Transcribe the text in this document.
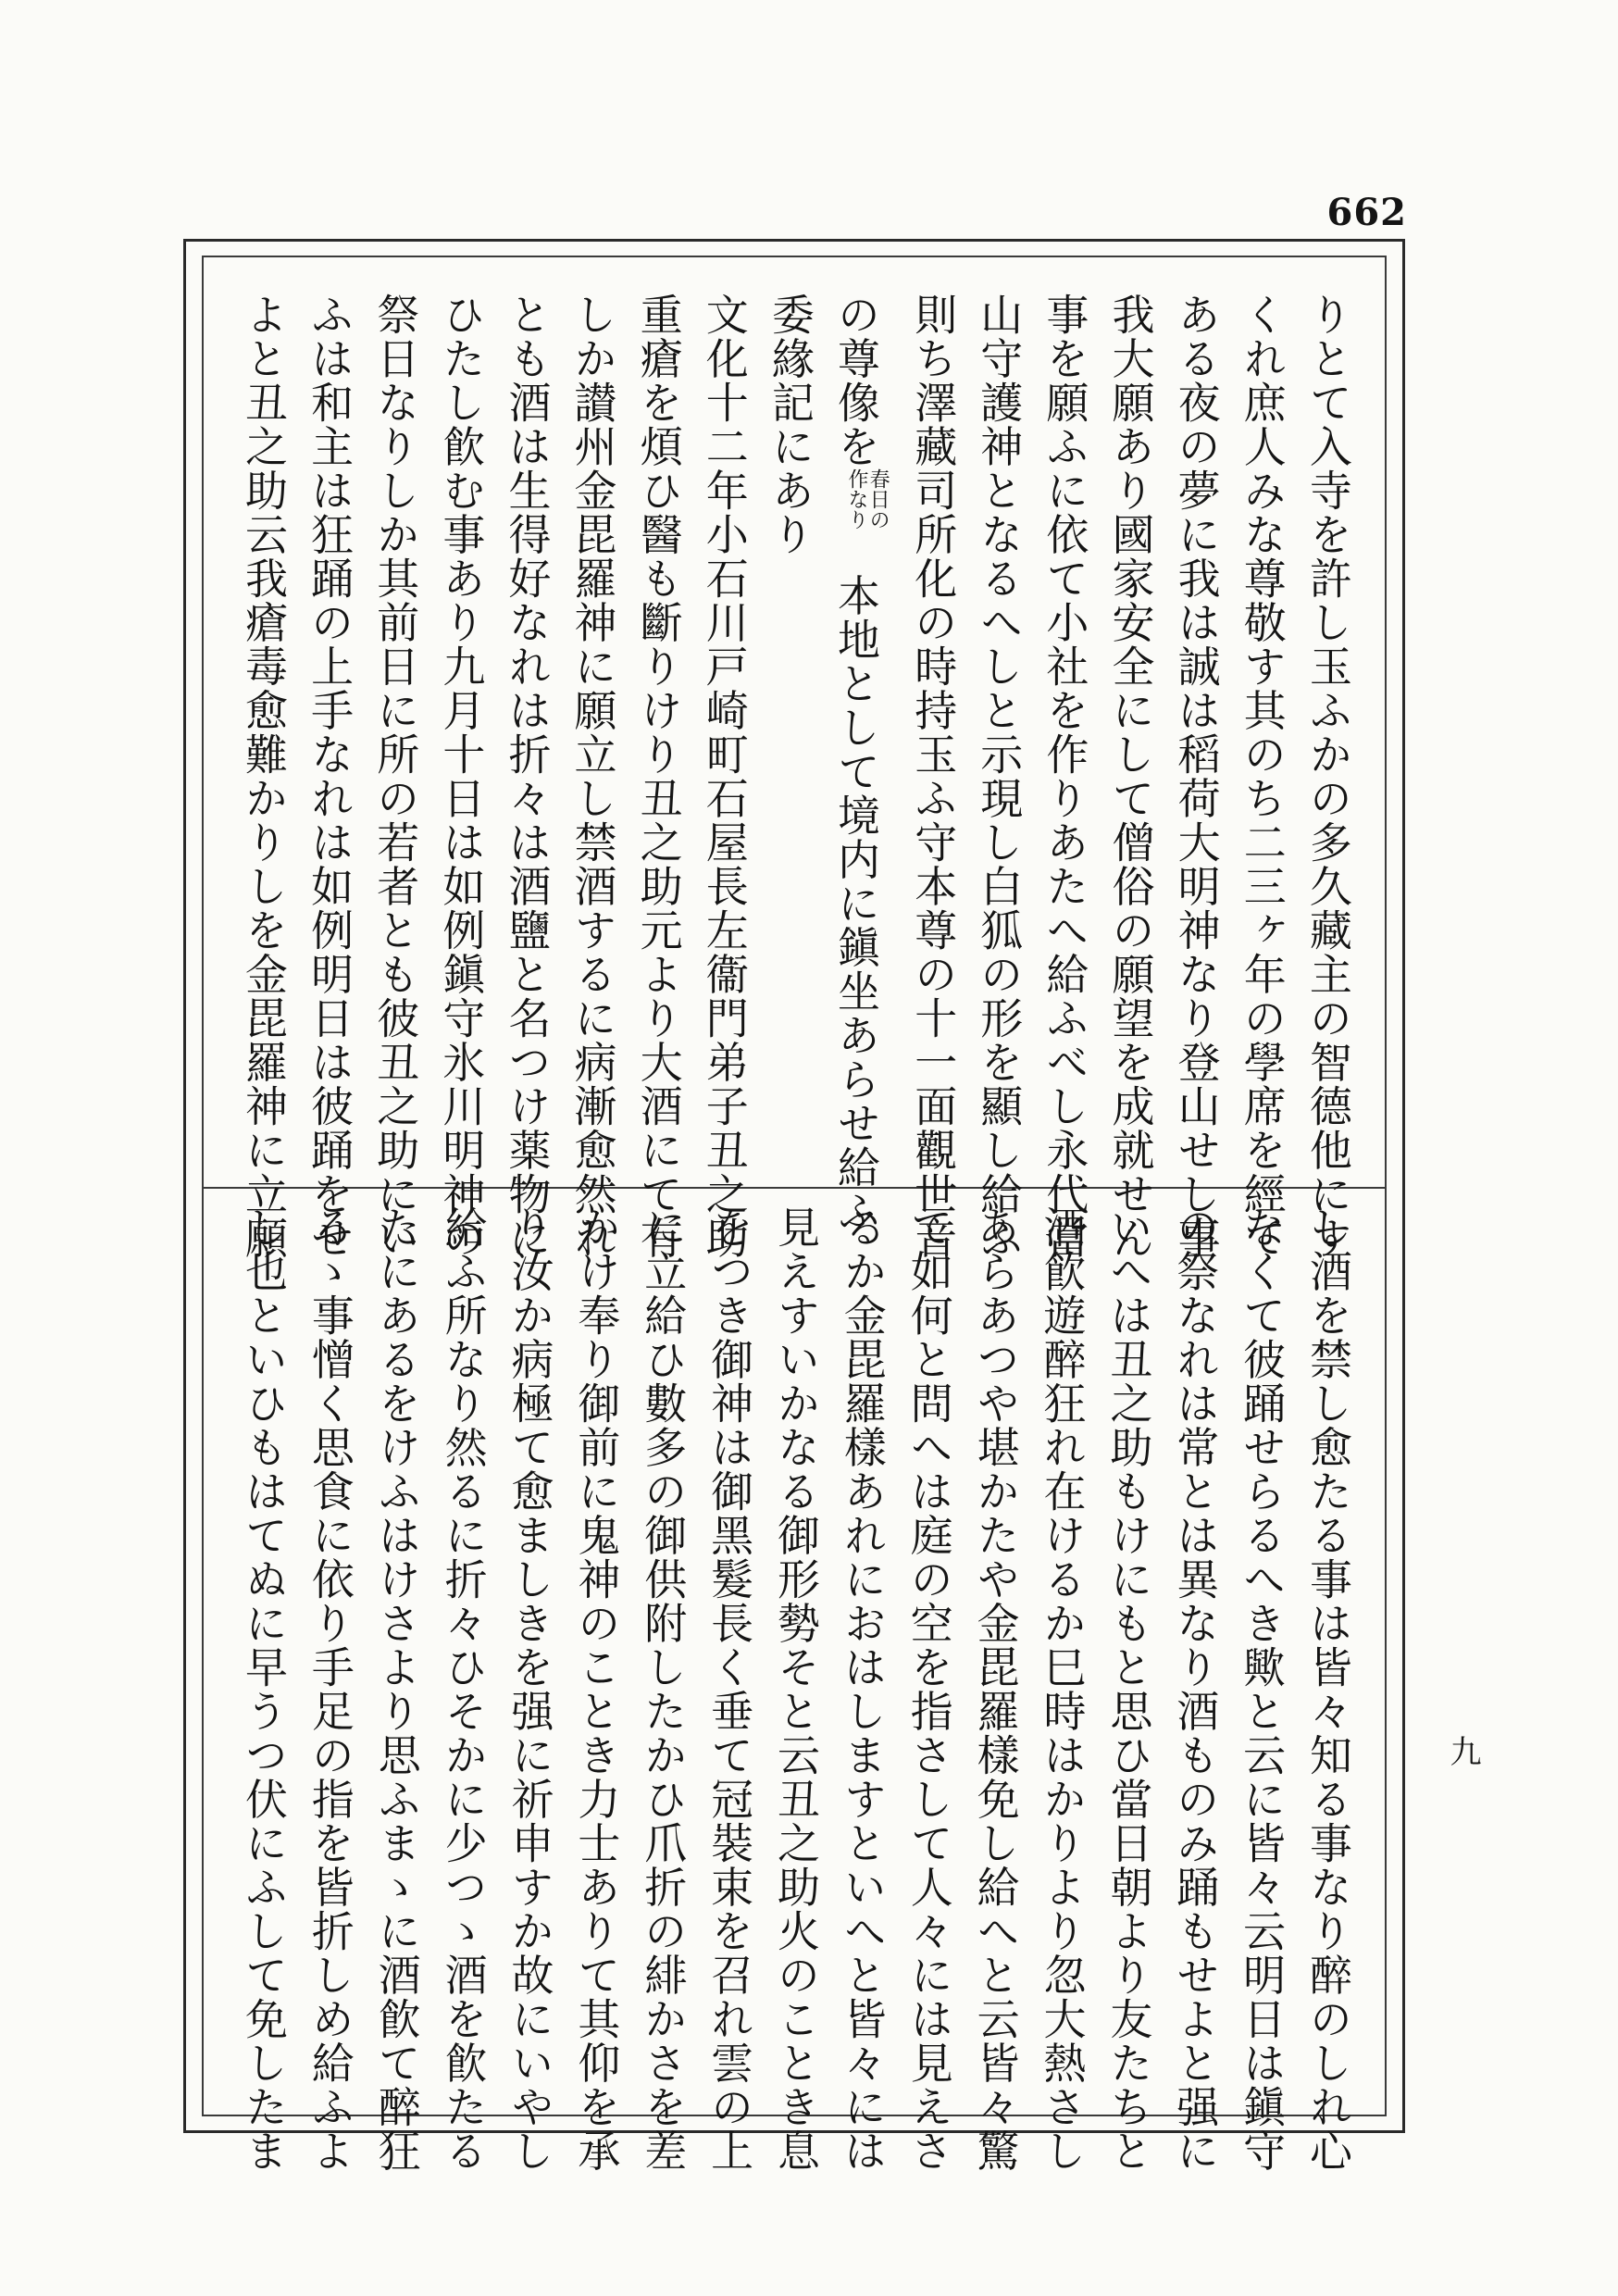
662
りとて入寺を許し玉ふかの多久藏主の智德他にす
くれ庶人みな尊敬す其のち二三ヶ年の學席を經て
ある夜の夢に我は誠は稻荷大明神なり登山せし事
我大願あり國家安全にして僧俗の願望を成就せん
事を願ふに依て小社を作りあたへ給ふべし永代當
山守護神となるへしと示現し白狐の形を顯し給ふ
則ち澤藏司所化の時持玉ふ守本尊の十一面觀世音
の尊像を春日の
作なり　本地として境内に鎭坐あらせ給ふ
委緣記にあり
文化十二年小石川戸崎町石屋長左衞門弟子丑之助
重瘡を煩ひ醫も斷りけり丑之助元より大酒にて有
しか讃州金毘羅神に願立し禁酒するに病漸愈然れ
とも酒は生得好なれは折々は酒鹽と名つけ薬物に
ひたし飮む事あり九月十日は如例鎭守氷川明神の
祭日なりしか其前日に所の若者とも彼丑之助にい
ふは和主は狂踊の上手なれは如例明日は彼踊をせ
よと丑之助云我瘡毒愈難かりしを金毘羅神に立願
し酒を禁し愈たる事は皆々知る事なり醉のしれ心
なくて彼踊せらるへき歟と云に皆々云明日は鎭守
の祭なれは常とは異なり酒ものみ踊もせよと强に
いへは丑之助もけにもと思ひ當日朝より友たちと
酒飮遊醉狂れ在けるか巳時はかりより忽大熱さし
あらあつや堪かたや金毘羅樣免し給へと云皆々驚
て如何と問へは庭の空を指さして人々には見えさ
るか金毘羅樣あれにおはしますといへと皆々には
見えすいかなる御形勢そと云丑之助火のことき息
をつき御神は御黑髮長く垂て冠裝束を召れ雲の上
に立給ひ數多の御供附したかひ爪折の緋かさを差
かけ奉り御前に鬼神のことき力士ありて其仰を承
り汝か病極て愈ましきを强に祈申すか故にいやし
給ふ所なり然るに折々ひそかに少つゝ酒を飮たる
たにあるをけふはけさより思ふまゝに酒飮て醉狂
るゝ事憎く思食に依り手足の指を皆折しめ給ふよ
し也といひもはてぬに早うつ伏にふして免したま	九
